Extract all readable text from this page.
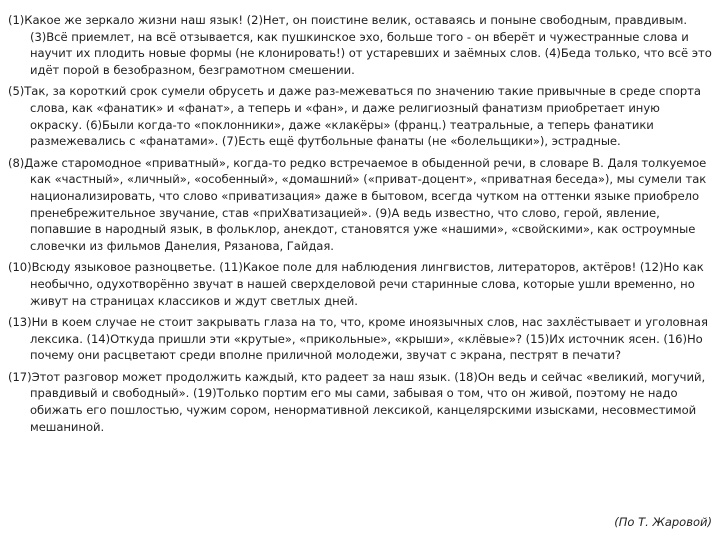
(1)Какое же зеркало жизни наш язык! (2)Нет, он поистине велик, оставаясь и поныне свободным, правдивым. (3)Всё приемлет, на всё отзывается, как пушкинское эхо, больше того - он вберёт и чужестранные слова и научит их плодить новые формы (не клонировать!) от устаревших и заёмных слов. (4)Беда только, что всё это идёт порой в безобразном, безграмотном смешении.

(5)Так, за короткий срок сумели обрусеть и даже раз-межеваться по значению такие привычные в среде спорта слова, как «фанатик» и «фанат», а теперь и «фан», и даже религиозный фанатизм приобретает иную окраску. (6)Были когда-то «поклонники», даже «клакёры» (франц.) театральные, а теперь фанатики размежевались с «фанатами». (7)Есть ещё футбольные фанаты (не «болельщики»), эстрадные.

(8)Даже старомодное «приватный», когда-то редко встречаемое в обыденной речи, в словаре В. Даля толкуемое как «частный», «личный», «особенный», «домашний» («приват-доцент», «приватная беседа»), мы сумели так национализировать, что слово «приватизация» даже в бытовом, всегда чутком на оттенки языке приобрело пренебрежительное звучание, став «приХватизацией». (9)А ведь известно, что слово, герой, явление, попавшие в народный язык, в фольклор, анекдот, становятся уже «нашими», «свойскими», как остроумные словечки из фильмов Данелия, Рязанова, Гайдая.

(10)Всюду языковое разноцветье. (11)Какое поле для наблюдения лингвистов, литераторов, актёров! (12)Но как необычно, одухотворённо звучат в нашей сверхделовой речи старинные слова, которые ушли временно, но живут на страницах классиков и ждут светлых дней.

(13)Ни в коем случае не стоит закрывать глаза на то, что, кроме иноязычных слов, нас захлёстывает и уголовная лексика. (14)Откуда пришли эти «крутые», «прикольные», «крыши», «клёвые»? (15)Их источник ясен. (16)Но почему они расцветают среди вполне приличной молодежи, звучат с экрана, пестрят в печати?

(17)Этот разговор может продолжить каждый, кто радеет за наш язык. (18)Он ведь и сейчас «великий, могучий, правдивый и свободный». (19)Только портим его мы сами, забывая о том, что он живой, поэтому не надо обижать его пошлостью, чужим сором, ненормативной лексикой, канцелярскими изысками, несовместимой мешаниной.

(По Т. Жаровой)
